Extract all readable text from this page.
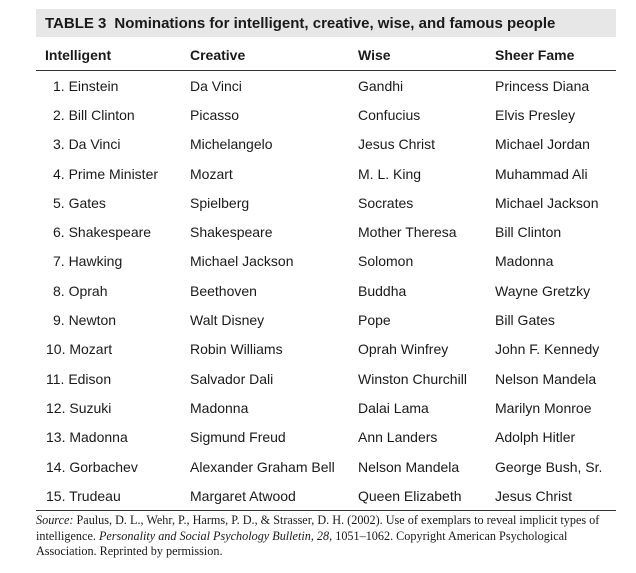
TABLE 3 Nominations for intelligent, creative, wise, and famous people
Intelligent	Creative	Wise	Sheer Fame
1. Einstein	Da Vinci	Gandhi	Princess Diana
2. Bill Clinton	Picasso	Confucius	Elvis Presley
3. Da Vinci	Michelangelo	Jesus Christ	Michael Jordan
4. Prime Minister	Mozart	M. L. King	Muhammad Ali
5. Gates	Spielberg	Socrates	Michael Jackson
6. Shakespeare	Shakespeare	Mother Theresa	Bill Clinton
7. Hawking	Michael Jackson	Solomon	Madonna
8. Oprah	Beethoven	Buddha	Wayne Gretzky
9. Newton	Walt Disney	Pope	Bill Gates
10. Mozart	Robin Williams	Oprah Winfrey	John F. Kennedy
11. Edison	Salvador Dali	Winston Churchill	Nelson Mandela
12. Suzuki	Madonna	Dalai Lama	Marilyn Monroe
13. Madonna	Sigmund Freud	Ann Landers	Adolph Hitler
14. Gorbachev	Alexander Graham Bell	Nelson Mandela	George Bush, Sr.
15. Trudeau	Margaret Atwood	Queen Elizabeth	Jesus Christ
Source: Paulus, D. L., Wehr, P., Harms, P. D., & Strasser, D. H. (2002). Use of exemplars to reveal implicit types of intelligence. Personality and Social Psychology Bulletin, 28, 1051–1062. Copyright American Psychological Association. Reprinted by permission.
